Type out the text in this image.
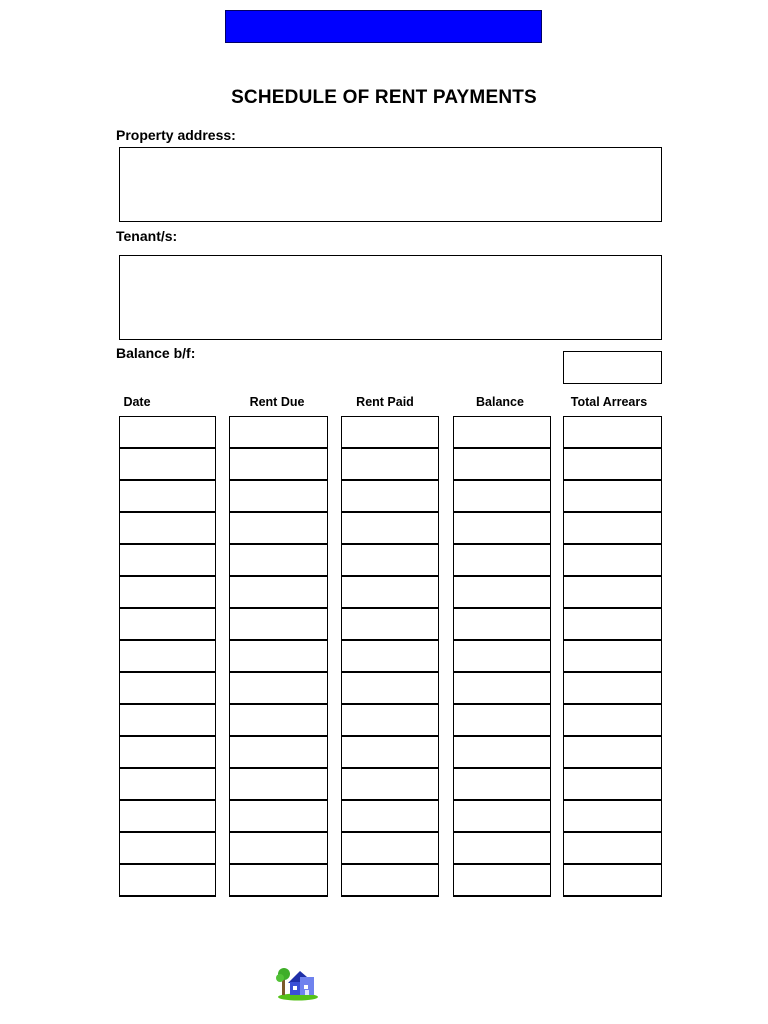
SCHEDULE OF RENT PAYMENTS
Property address:
Tenant/s:
Balance b/f:
Date	Rent Due	Rent Paid	Balance	Total Arrears
